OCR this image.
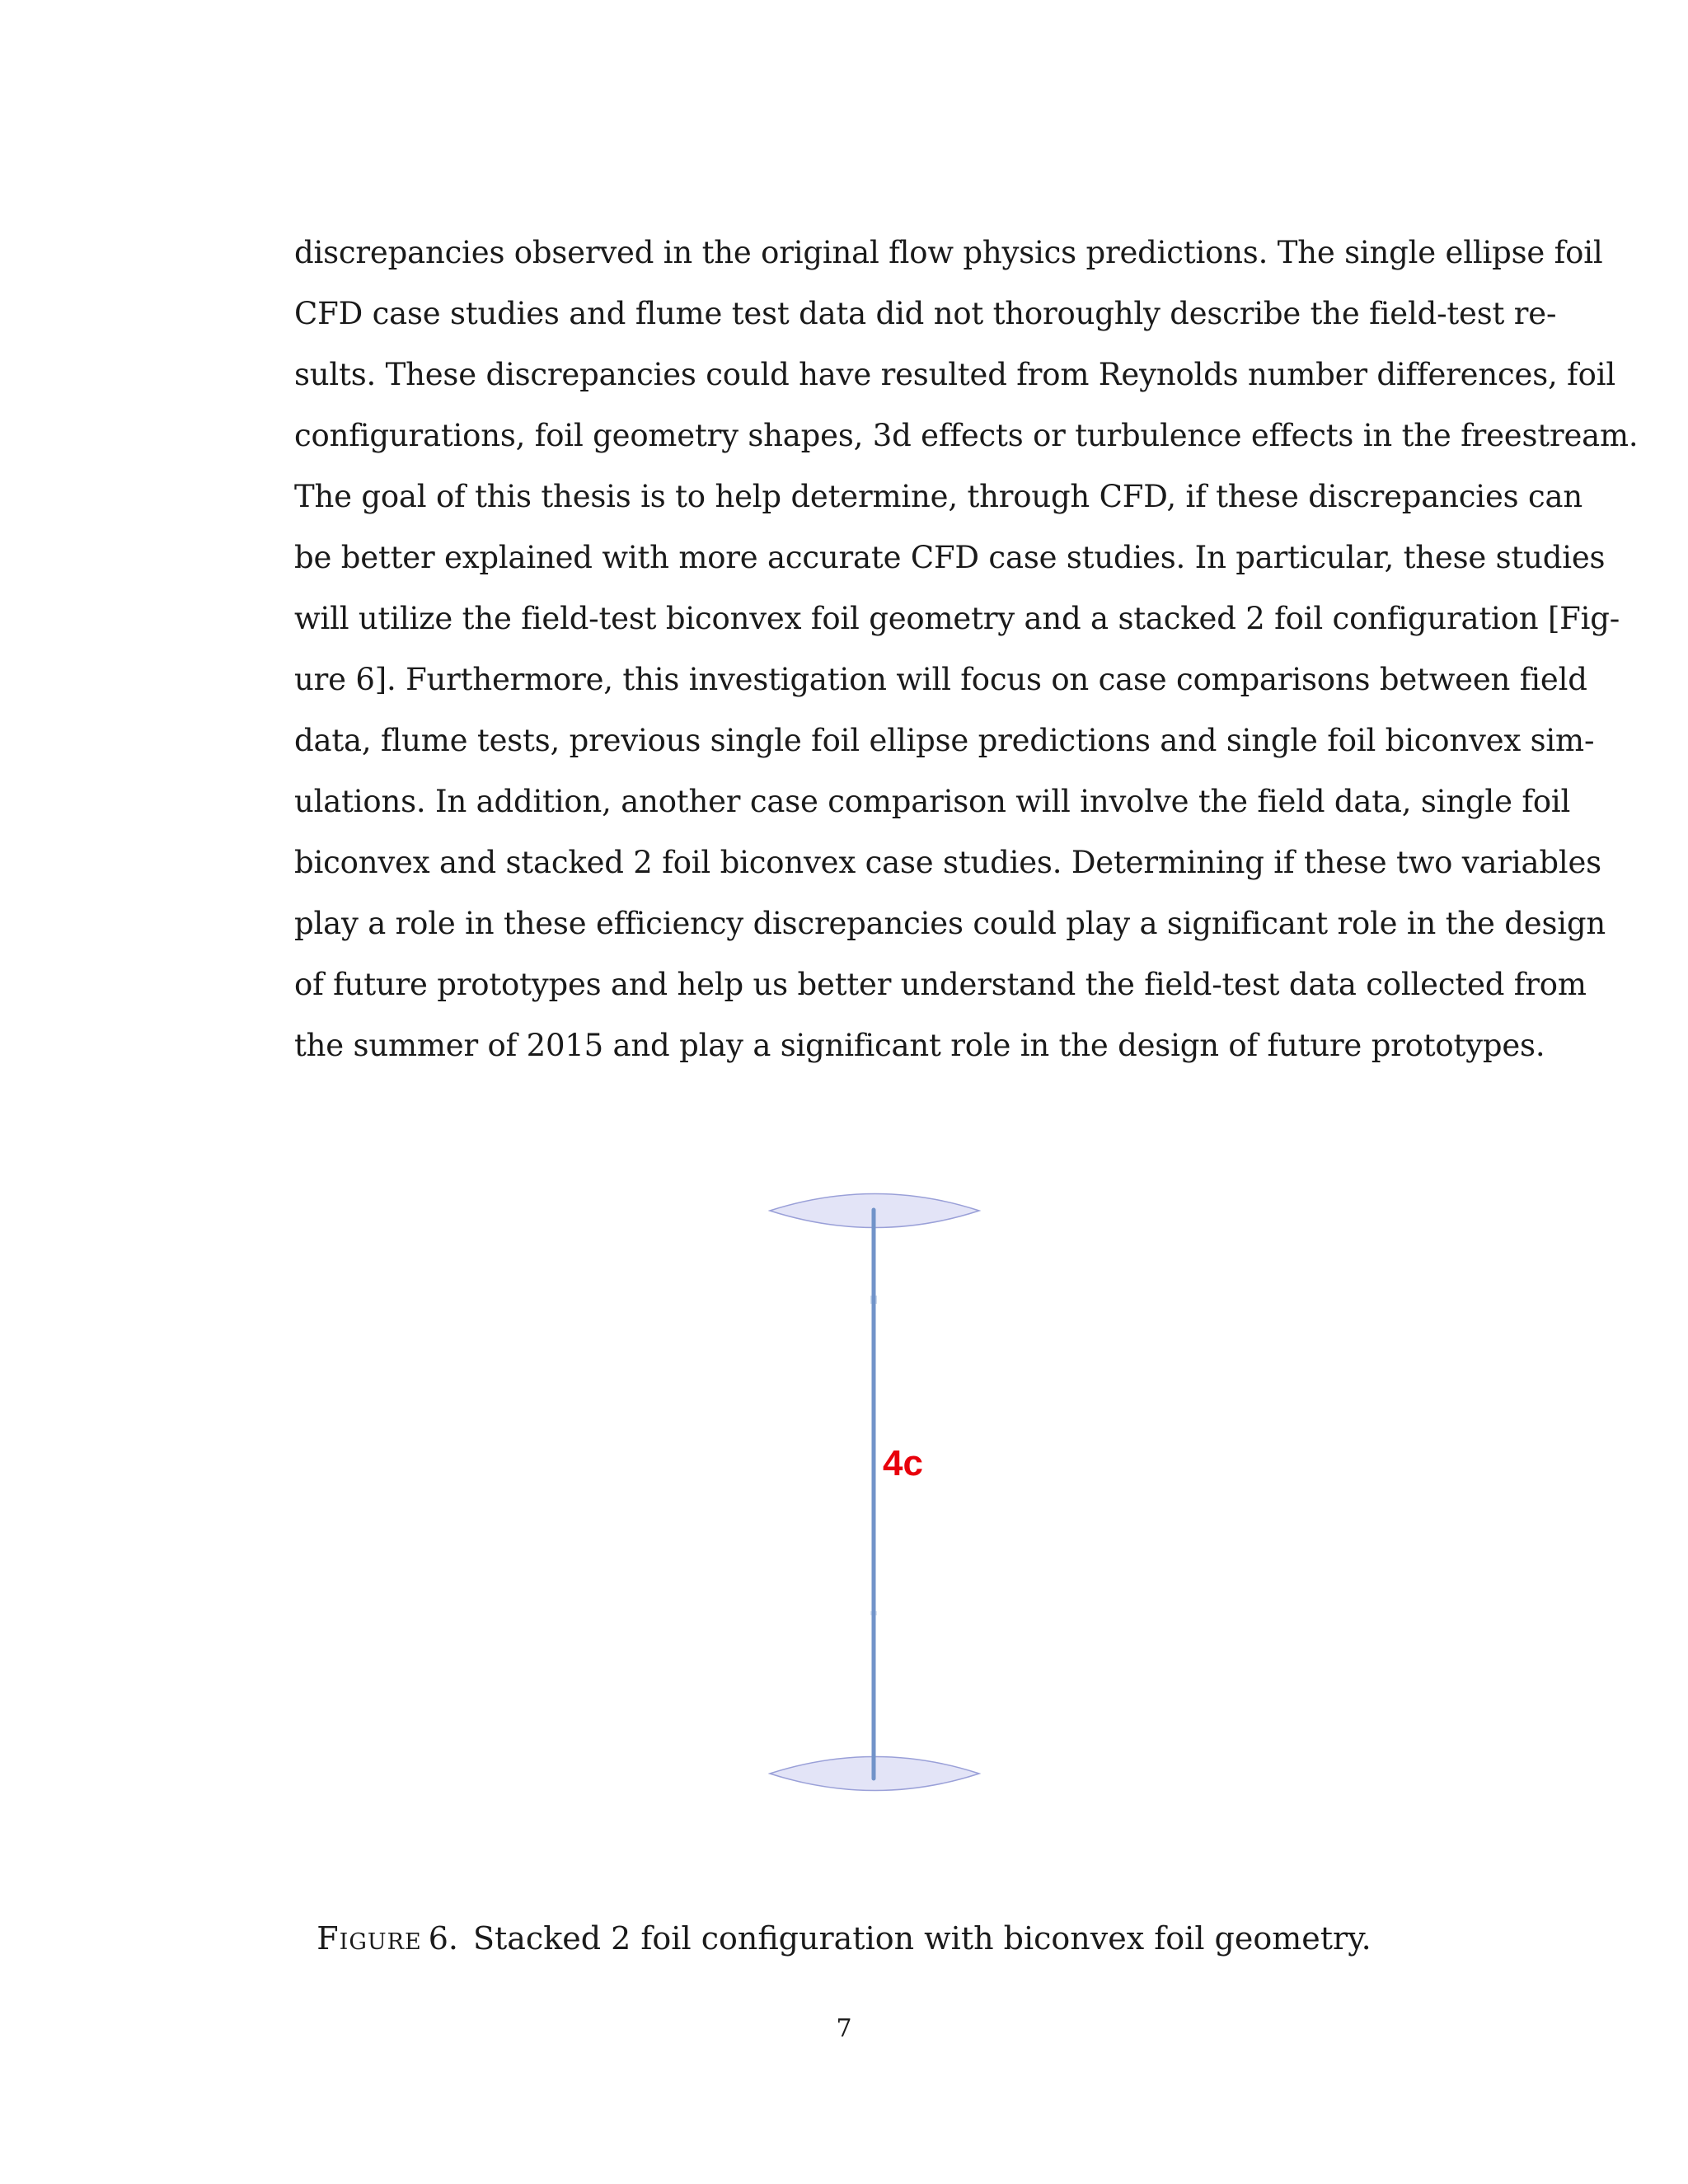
discrepancies observed in the original flow physics predictions. The single ellipse foil
CFD case studies and flume test data did not thoroughly describe the field-test re-
sults. These discrepancies could have resulted from Reynolds number differences, foil
configurations, foil geometry shapes, 3d effects or turbulence effects in the freestream.
The goal of this thesis is to help determine, through CFD, if these discrepancies can
be better explained with more accurate CFD case studies. In particular, these studies
will utilize the field-test biconvex foil geometry and a stacked 2 foil configuration [Fig-
ure 6]. Furthermore, this investigation will focus on case comparisons between field
data, flume tests, previous single foil ellipse predictions and single foil biconvex sim-
ulations. In addition, another case comparison will involve the field data, single foil
biconvex and stacked 2 foil biconvex case studies. Determining if these two variables
play a role in these efficiency discrepancies could play a significant role in the design
of future prototypes and help us better understand the field-test data collected from
the summer of 2015 and play a significant role in the design of future prototypes.
4c
Figure 6. Stacked 2 foil configuration with biconvex foil geometry.
7
